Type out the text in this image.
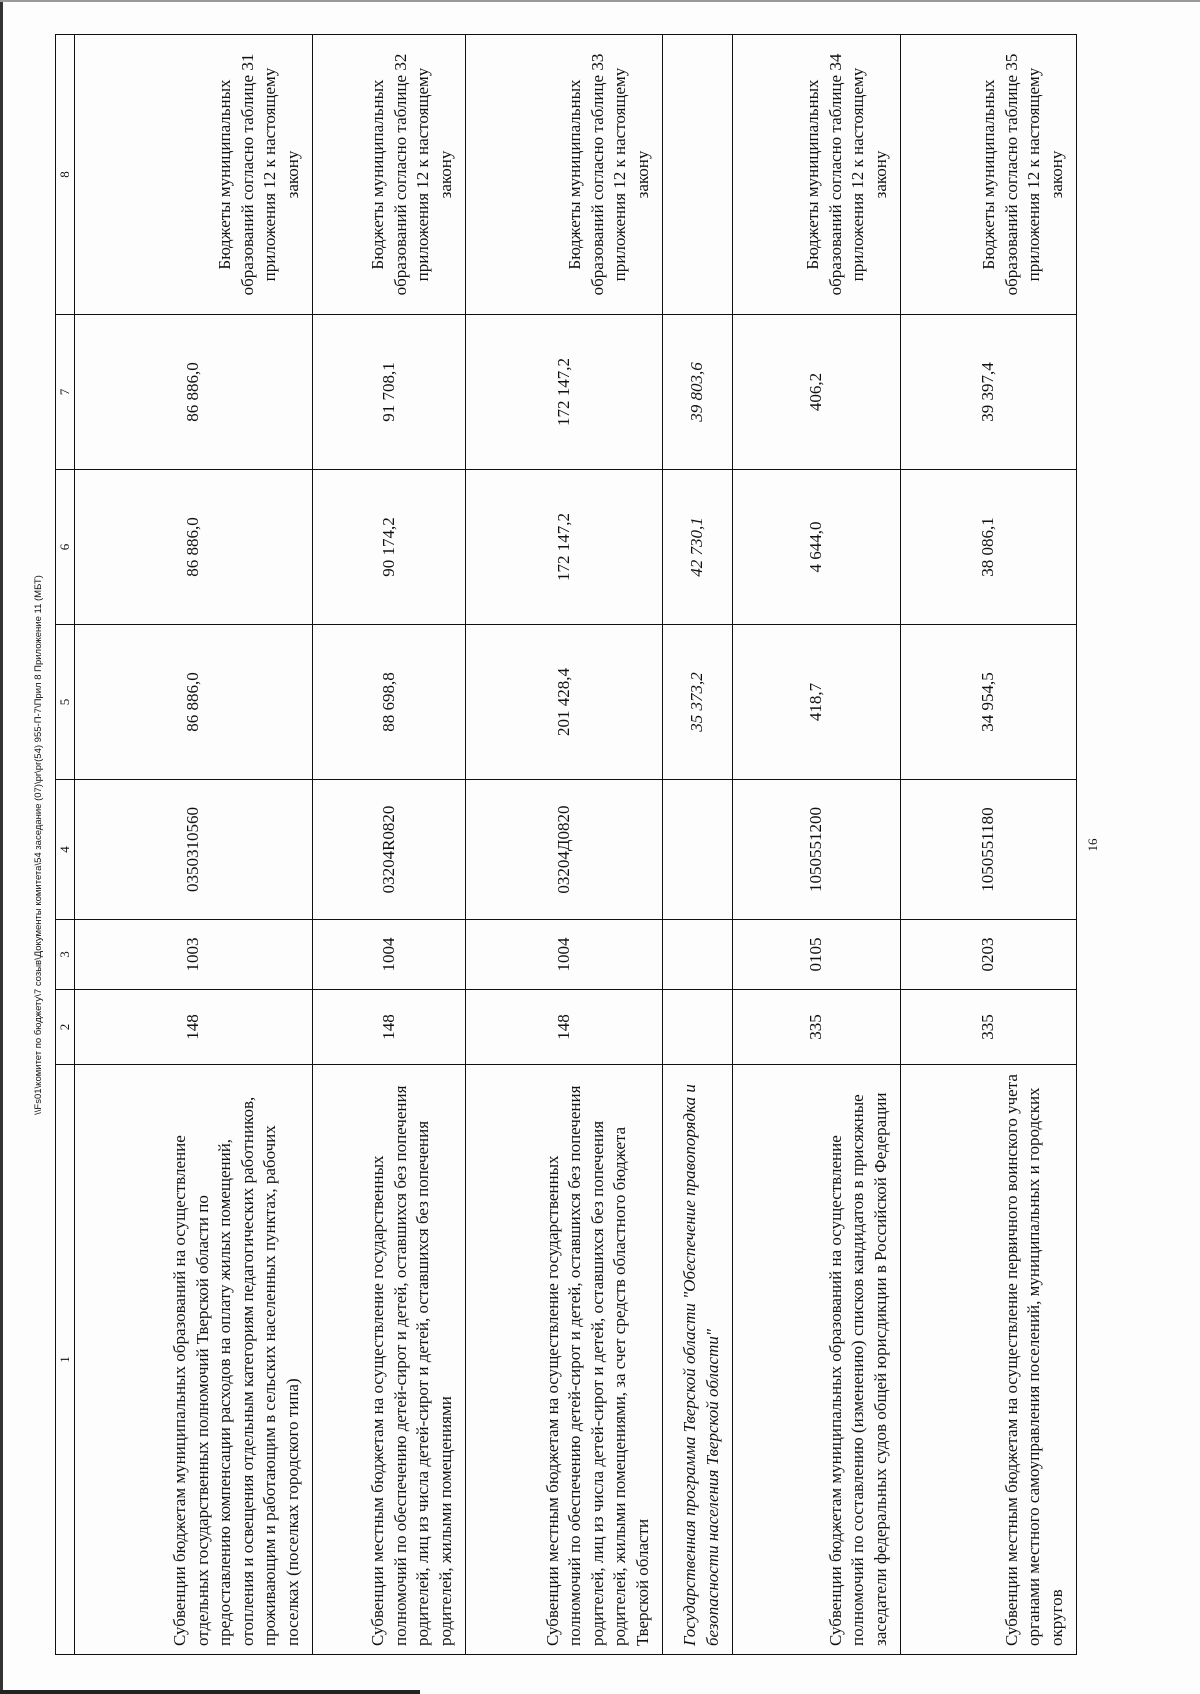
16
\\Fs01\комитет по бюджету\7 созыв\Документы комитета\54 заседание (07)\pr\pr(54) 955-П-7\Прил 8 Приложение 11 (МБТ)
1	2	3	4	5	6	7	8
Субвенции бюджетам муниципальных образований на осуществление отдельных государственных полномочий Тверской области по предоставлению компенсации расходов на оплату жилых помещений, отопления и освещения отдельным категориям педагогических работников, проживающим и работающим в сельских населенных пунктах, рабочих поселках (поселках городского типа)	148	1003	0350310560	86 886,0	86 886,0	86 886,0	Бюджеты муниципальных образований согласно таблице 31 приложения 12 к настоящему закону
Субвенции местным бюджетам на осуществление государственных полномочий по обеспечению детей-сирот и детей, оставшихся без попечения родителей, лиц из числа детей-сирот и детей, оставшихся без попечения родителей, жилыми помещениями	148	1004	03204R0820	88 698,8	90 174,2	91 708,1	Бюджеты муниципальных образований согласно таблице 32 приложения 12 к настоящему закону
Субвенции местным бюджетам на осуществление государственных полномочий по обеспечению детей-сирот и детей, оставшихся без попечения родителей, лиц из числа детей-сирот и детей, оставшихся без попечения родителей, жилыми помещениями, за счет средств областного бюджета Тверской области	148	1004	03204Д0820	201 428,4	172 147,2	172 147,2	Бюджеты муниципальных образований согласно таблице 33 приложения 12 к настоящему закону
Государственная программа Тверской области "Обеспечение правопорядка и безопасности населения Тверской области"				35 373,2	42 730,1	39 803,6	
Субвенции бюджетам муниципальных образований на осуществление полномочий по составлению (изменению) списков кандидатов в присяжные заседатели федеральных судов общей юрисдикции в Российской Федерации	335	0105	1050551200	418,7	4 644,0	406,2	Бюджеты муниципальных образований согласно таблице 34 приложения 12 к настоящему закону
Субвенции местным бюджетам на осуществление первичного воинского учета органами местного самоуправления поселений, муниципальных и городских округов	335	0203	1050551180	34 954,5	38 086,1	39 397,4	Бюджеты муниципальных образований согласно таблице 35 приложения 12 к настоящему закону
